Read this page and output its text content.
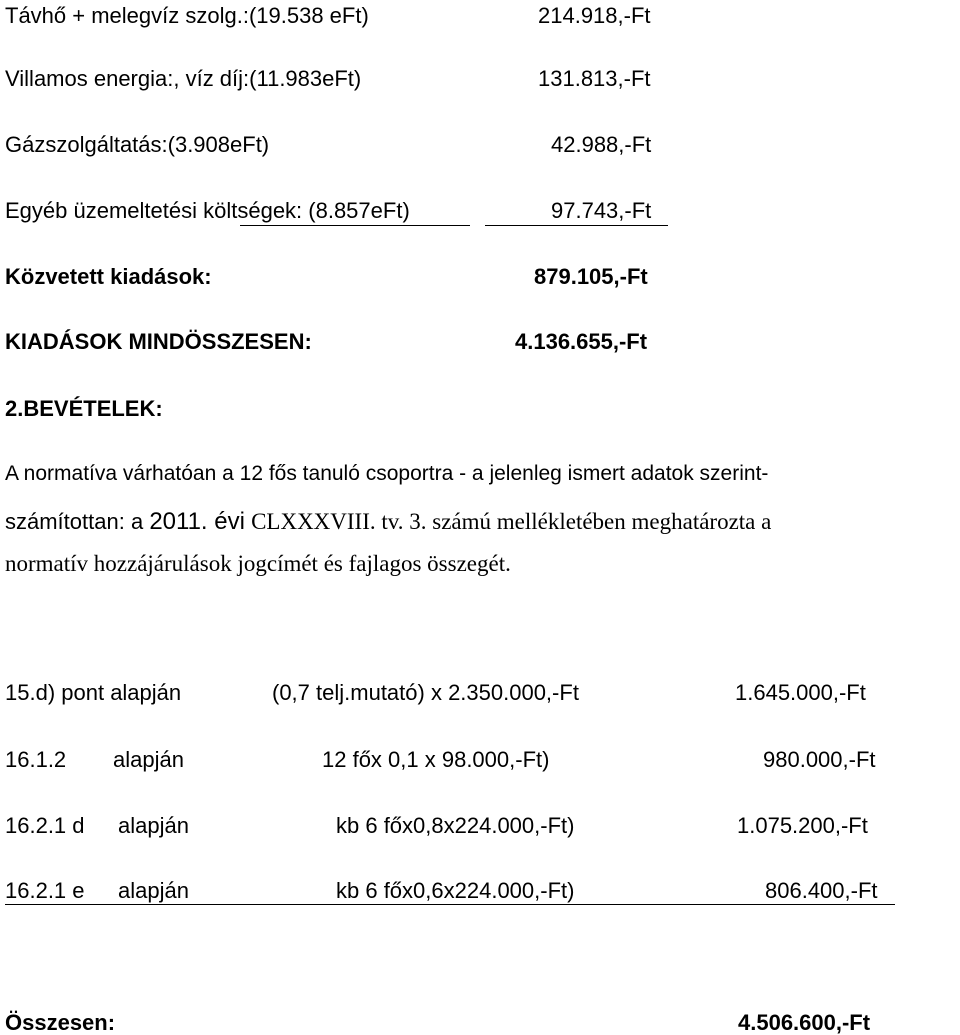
Távhő + melegvíz szolg.:(19.538 eFt)	214.918,-Ft
Villamos energia:, víz díj:(11.983eFt)	131.813,-Ft
Gázszolgáltatás:(3.908eFt)	42.988,-Ft
Egyéb üzemeltetési költségek: (8.857eFt)	97.743,-Ft
Közvetett kiadások:	879.105,-Ft
KIADÁSOK MINDÖSSZESEN:	4.136.655,-Ft
2.BEVÉTELEK:
A normatíva várhatóan a 12 fős tanuló csoportra - a jelenleg ismert adatok szerint-
számítottan: a 2011. évi CLXXXVIII. tv. 3. számú mellékletében meghatározta a
normatív hozzájárulások jogcímét és fajlagos összegét.
15.d) pont alapján	(0,7 telj.mutató) x 2.350.000,-Ft	1.645.000,-Ft
16.1.2 alapján	12 főx 0,1 x 98.000,-Ft)	980.000,-Ft
16.2.1 d alapján	kb 6 főx0,8x224.000,-Ft)	1.075.200,-Ft
16.2.1 e alapján	kb 6 főx0,6x224.000,-Ft)	806.400,-Ft
Összesen:	4.506.600,-Ft
